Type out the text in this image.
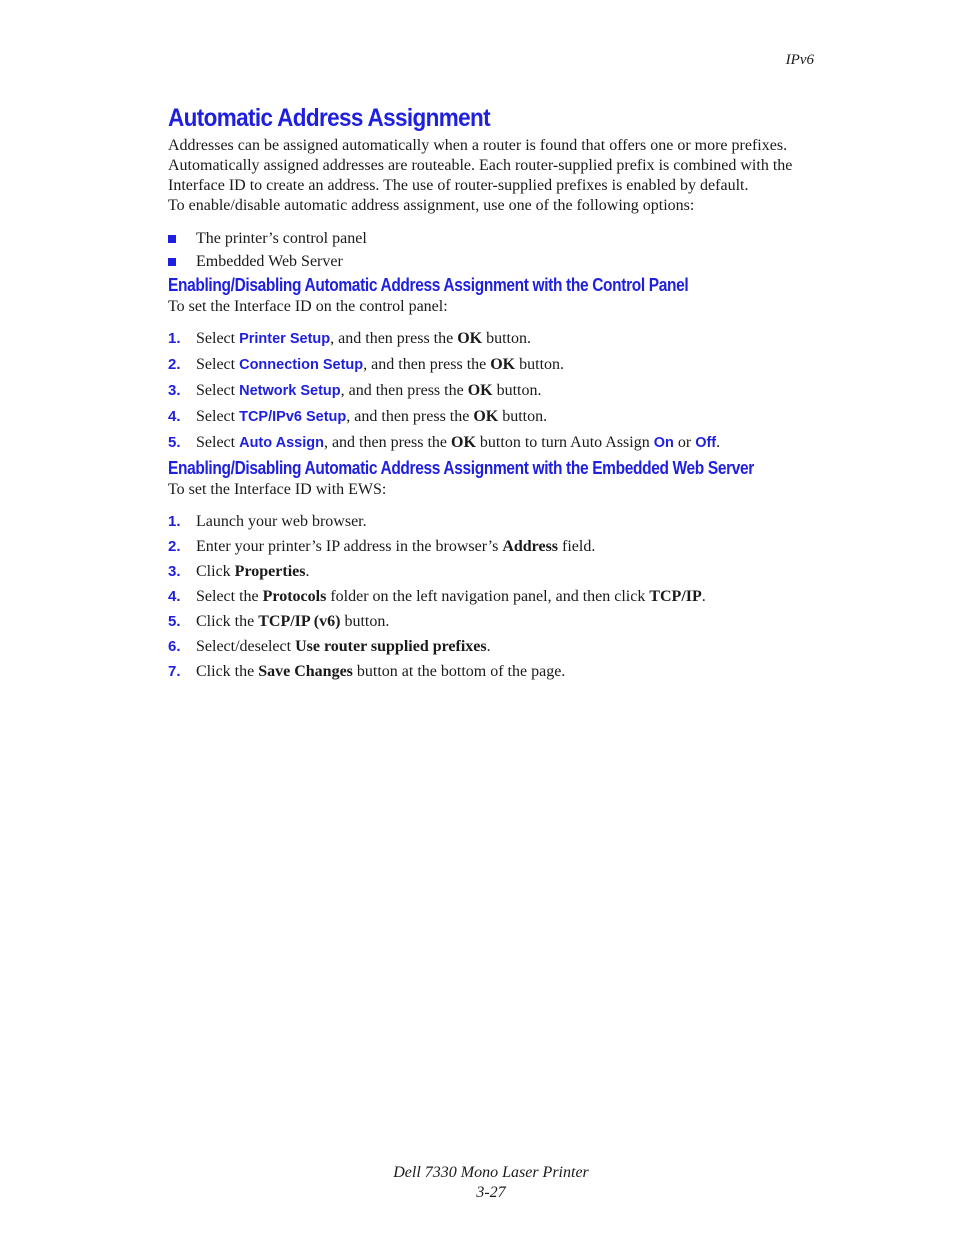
IPv6
Automatic Address Assignment

Addresses can be assigned automatically when a router is found that offers one or more prefixes. Automatically assigned addresses are routeable. Each router-supplied prefix is combined with the Interface ID to create an address. The use of router-supplied prefixes is enabled by default.

To enable/disable automatic address assignment, use one of the following options:

The printer’s control panel
Embedded Web Server
Enabling/Disabling Automatic Address Assignment with the Control Panel

To set the Interface ID on the control panel:

1. Select Printer Setup, and then press the OK button.
2. Select Connection Setup, and then press the OK button.
3. Select Network Setup, and then press the OK button.
4. Select TCP/IPv6 Setup, and then press the OK button.
5. Select Auto Assign, and then press the OK button to turn Auto Assign On or Off.
Enabling/Disabling Automatic Address Assignment with the Embedded Web Server

To set the Interface ID with EWS:

1. Launch your web browser.
2. Enter your printer’s IP address in the browser’s Address field.
3. Click Properties.
4. Select the Protocols folder on the left navigation panel, and then click TCP/IP.
5. Click the TCP/IP (v6) button.
6. Select/deselect Use router supplied prefixes.
7. Click the Save Changes button at the bottom of the page.
Dell 7330 Mono Laser Printer
3-27
